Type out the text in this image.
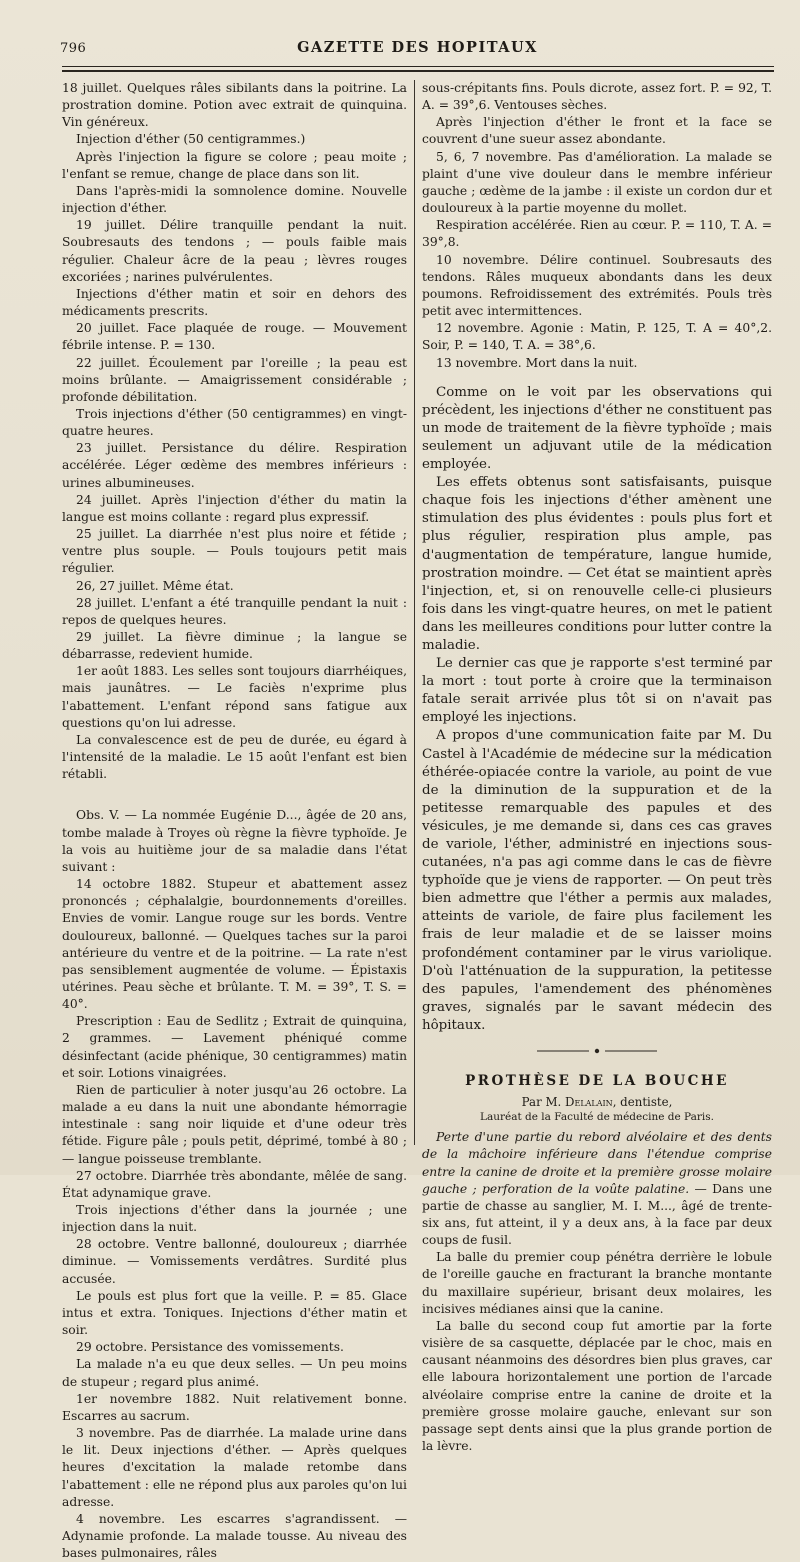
796	GAZETTE DES HOPITAUX

18 juillet. Quelques râles sibilants dans la poitrine. La prostration domine. Potion avec extrait de quinquina. Vin généreux.

Injection d'éther (50 centigrammes.)

Après l'injection la figure se colore ; peau moite ; l'enfant se remue, change de place dans son lit.

Dans l'après-midi la somnolence domine. Nouvelle injection d'éther.

19 juillet. Délire tranquille pendant la nuit. Soubresauts des tendons ; — pouls faible mais régulier. Chaleur âcre de la peau ; lèvres rouges excoriées ; narines pulvérulentes.

Injections d'éther matin et soir en dehors des médicaments prescrits.

20 juillet. Face plaquée de rouge. — Mouvement fébrile intense. P. = 130.

22 juillet. Écoulement par l'oreille ; la peau est moins brûlante. — Amaigrissement considérable ; profonde débilitation.

Trois injections d'éther (50 centigrammes) en vingt-quatre heures.

23 juillet. Persistance du délire. Respiration accélérée. Léger œdème des membres inférieurs : urines albumineuses.

24 juillet. Après l'injection d'éther du matin la langue est moins collante : regard plus expressif.

25 juillet. La diarrhée n'est plus noire et fétide ; ventre plus souple. — Pouls toujours petit mais régulier.

26, 27 juillet. Même état.

28 juillet. L'enfant a été tranquille pendant la nuit : repos de quelques heures.

29 juillet. La fièvre diminue ; la langue se débarrasse, redevient humide.

1er août 1883. Les selles sont toujours diarrhéiques, mais jaunâtres. — Le faciès n'exprime plus l'abattement. L'enfant répond sans fatigue aux questions qu'on lui adresse.

La convalescence est de peu de durée, eu égard à l'intensité de la maladie. Le 15 août l'enfant est bien rétabli.

Obs. V. — La nommée Eugénie D..., âgée de 20 ans, tombe malade à Troyes où règne la fièvre typhoïde. Je la vois au huitième jour de sa maladie dans l'état suivant :

14 octobre 1882. Stupeur et abattement assez prononcés ; céphalalgie, bourdonnements d'oreilles. Envies de vomir. Langue rouge sur les bords. Ventre douloureux, ballonné. — Quelques taches sur la paroi antérieure du ventre et de la poitrine. — La rate n'est pas sensiblement augmentée de volume. — Épistaxis utérines. Peau sèche et brûlante. T. M. = 39°, T. S. = 40°.

Prescription : Eau de Sedlitz ; Extrait de quinquina, 2 grammes. — Lavement phéniqué comme désinfectant (acide phénique, 30 centigrammes) matin et soir. Lotions vinaigrées.

Rien de particulier à noter jusqu'au 26 octobre. La malade a eu dans la nuit une abondante hémorragie intestinale : sang noir liquide et d'une odeur très fétide. Figure pâle ; pouls petit, déprimé, tombé à 80 ; — langue poisseuse tremblante.

27 octobre. Diarrhée très abondante, mêlée de sang. État adynamique grave.

Trois injections d'éther dans la journée ; une injection dans la nuit.

28 octobre. Ventre ballonné, douloureux ; diarrhée diminue. — Vomissements verdâtres. Surdité plus accusée.

Le pouls est plus fort que la veille. P. = 85. Glace intus et extra. Toniques. Injections d'éther matin et soir.

29 octobre. Persistance des vomissements.

La malade n'a eu que deux selles. — Un peu moins de stupeur ; regard plus animé.

1er novembre 1882. Nuit relativement bonne. Escarres au sacrum.

3 novembre. Pas de diarrhée. La malade urine dans le lit. Deux injections d'éther. — Après quelques heures d'excitation la malade retombe dans l'abattement : elle ne répond plus aux paroles qu'on lui adresse.

4 novembre. Les escarres s'agrandissent. — Adynamie profonde. La malade tousse. Au niveau des bases pulmonaires, râles

sous-crépitants fins. Pouls dicrote, assez fort. P. = 92, T. A. = 39°,6. Ventouses sèches.

Après l'injection d'éther le front et la face se couvrent d'une sueur assez abondante.

5, 6, 7 novembre. Pas d'amélioration. La malade se plaint d'une vive douleur dans le membre inférieur gauche ; œdème de la jambe : il existe un cordon dur et douloureux à la partie moyenne du mollet.

Respiration accélérée. Rien au cœur. P. = 110, T. A. = 39°,8.

10 novembre. Délire continuel. Soubresauts des tendons. Râles muqueux abondants dans les deux poumons. Refroidissement des extrémités. Pouls très petit avec intermittences.

12 novembre. Agonie : Matin, P. 125, T. A = 40°,2. Soir, P. = 140, T. A. = 38°,6.

13 novembre. Mort dans la nuit.

Comme on le voit par les observations qui précèdent, les injections d'éther ne constituent pas un mode de traitement de la fièvre typhoïde ; mais seulement un adjuvant utile de la médication employée.

Les effets obtenus sont satisfaisants, puisque chaque fois les injections d'éther amènent une stimulation des plus évidentes : pouls plus fort et plus régulier, respiration plus ample, pas d'augmentation de température, langue humide, prostration moindre. — Cet état se maintient après l'injection, et, si on renouvelle celle-ci plusieurs fois dans les vingt-quatre heures, on met le patient dans les meilleures conditions pour lutter contre la maladie.

Le dernier cas que je rapporte s'est terminé par la mort : tout porte à croire que la terminaison fatale serait arrivée plus tôt si on n'avait pas employé les injections.

A propos d'une communication faite par M. Du Castel à l'Académie de médecine sur la médication éthérée-opiacée contre la variole, au point de vue de la diminution de la suppuration et de la petitesse remarquable des papules et des vésicules, je me demande si, dans ces cas graves de variole, l'éther, administré en injections sous-cutanées, n'a pas agi comme dans le cas de fièvre typhoïde que je viens de rapporter. — On peut très bien admettre que l'éther a permis aux malades, atteints de variole, de faire plus facilement les frais de leur maladie et de se laisser moins profondément contaminer par le virus variolique. D'où l'atténuation de la suppuration, la petitesse des papules, l'amendement des phénomènes graves, signalés par le savant médecin des hôpitaux.

PROTHÈSE DE LA BOUCHE
Par M. Delalain, dentiste,
Lauréat de la Faculté de médecine de Paris.

Perte d'une partie du rebord alvéolaire et des dents de la mâchoire inférieure dans l'étendue comprise entre la canine de droite et la première grosse molaire gauche ; perforation de la voûte palatine. — Dans une partie de chasse au sanglier, M. I. M..., âgé de trente-six ans, fut atteint, il y a deux ans, à la face par deux coups de fusil.

La balle du premier coup pénétra derrière le lobule de l'oreille gauche en fracturant la branche montante du maxillaire supérieur, brisant deux molaires, les incisives médianes ainsi que la canine.

La balle du second coup fut amortie par la forte visière de sa casquette, déplacée par le choc, mais en causant néanmoins des désordres bien plus graves, car elle laboura horizontalement une portion de l'arcade alvéolaire comprise entre la canine de droite et la première grosse molaire gauche, enlevant sur son passage sept dents ainsi que la plus grande portion de la lèvre.
